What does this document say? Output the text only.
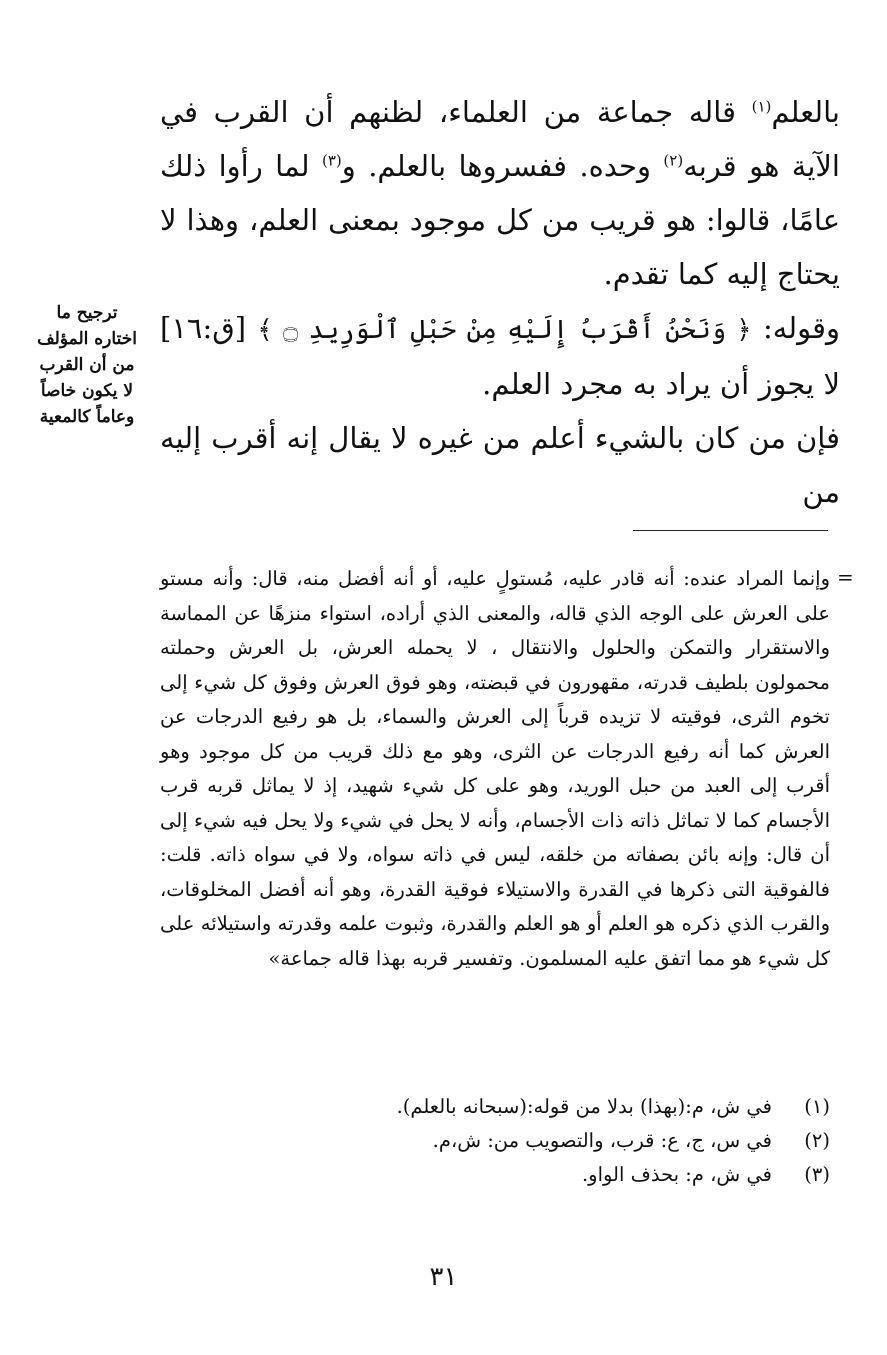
بالعلم$^{(١)}$ قاله جماعة من العلماء، لظنهم أن القرب في الآية هو قربه$^{(٢)}$ وحده. ففسروها بالعلم. و$^{(٣)}$ لما رأوا ذلك عامًا، قالوا: هو قريب من كل موجود بمعنى العلم، وهذا لا يحتاج إليه كما تقدم.

وقوله: ﴿ وَنَحْنُ أَقْرَبُ إِلَيْهِ مِنْ حَبْلِ ٱلْوَرِيدِ ۝ ﴾ [ق:١٦] لا يجوز أن يراد به مجرد العلم.

فإن من كان بالشيء أعلم من غيره لا يقال إنه أقرب إليه من

ترجيح ما
اختاره المؤلف
من أن القرب
لا يكون خاصاً
وعاماً كالمعية
=
وإنما المراد عنده: أنه قادر عليه، مُستولٍ عليه، أو أنه أفضل منه، قال: وأنه مستو على العرش على الوجه الذي قاله، والمعنى الذي أراده، استواء منزهًا عن المماسة والاستقرار والتمكن والحلول والانتقال ، لا يحمله العرش، بل العرش وحملته محمولون بلطيف قدرته، مقهورون في قبضته، وهو فوق العرش وفوق كل شيء إلى تخوم الثرى، فوقيته لا تزيده قرباً إلى العرش والسماء، بل هو رفيع الدرجات عن العرش كما أنه رفيع الدرجات عن الثرى، وهو مع ذلك قريب من كل موجود وهو أقرب إلى العبد من حبل الوريد، وهو على كل شيء شهيد، إذ لا يماثل قربه قرب الأجسام كما لا تماثل ذاته ذات الأجسام، وأنه لا يحل في شيء ولا يحل فيه شيء إلى أن قال: وإنه بائن بصفاته من خلقه، ليس في ذاته سواه، ولا في سواه ذاته. قلت: فالفوقية التى ذكرها في القدرة والاستيلاء فوقية القدرة، وهو أنه أفضل المخلوقات، والقرب الذي ذكره هو العلم أو هو العلم والقدرة، وثبوت علمه وقدرته واستيلائه على كل شيء هو مما اتفق عليه المسلمون. وتفسير قربه بهذا قاله جماعة»
(١)
في ش، م:(بهذا) بدلا من قوله:(سبحانه بالعلم).
(٢)
في س، ج، ع: قرب، والتصويب من: ش،م.
(٣)
في ش، م: بحذف الواو.
٣١
